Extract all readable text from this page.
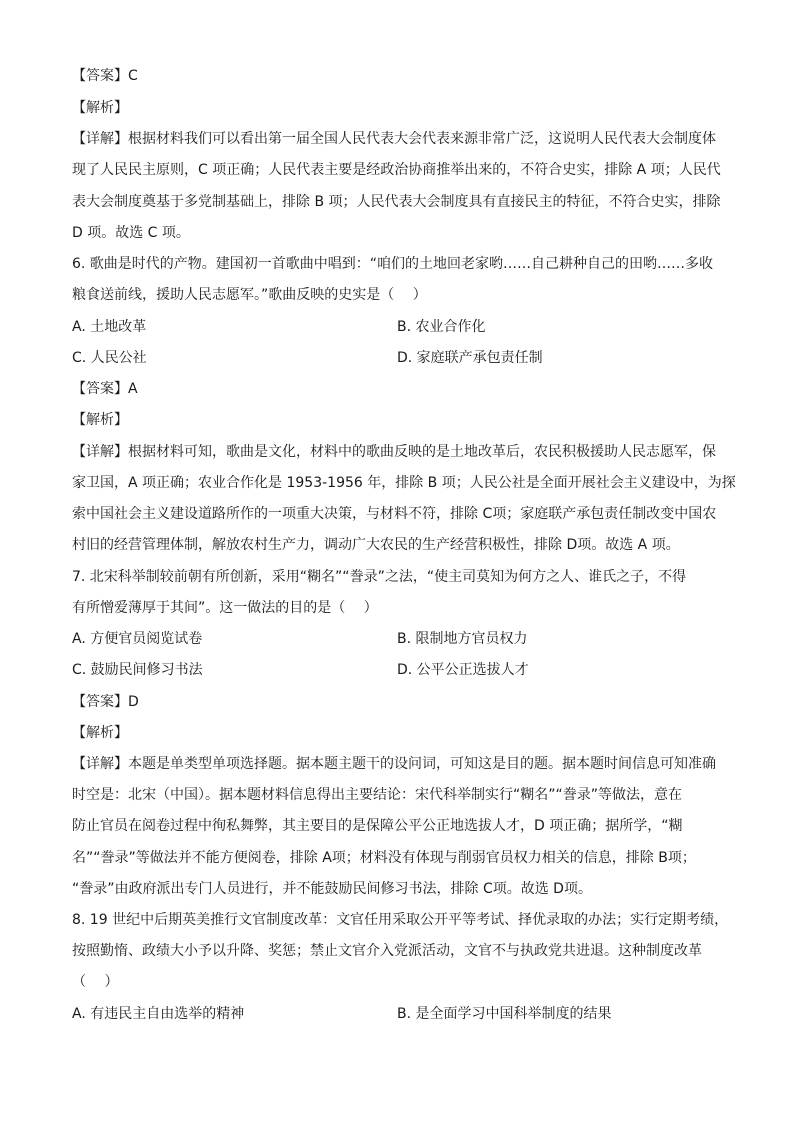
【答案】C
【解析】
【详解】根据材料我们可以看出第一届全国人民代表大会代表来源非常广泛，这说明人民代表大会制度体
现了人民民主原则，C 项正确；人民代表主要是经政治协商推举出来的，不符合史实，排除 A 项；人民代
表大会制度奠基于多党制基础上，排除 B 项；人民代表大会制度具有直接民主的特征，不符合史实，排除
D 项。故选 C 项。
6. 歌曲是时代的产物。建国初一首歌曲中唱到：“咱们的土地回老家哟……自己耕种自己的田哟……多收
粮食送前线，援助人民志愿军。”歌曲反映的史实是（　 ）
A. 土地改革	B. 农业合作化
C. 人民公社	D. 家庭联产承包责任制
【答案】A
【解析】
【详解】根据材料可知，歌曲是文化，材料中的歌曲反映的是土地改革后，农民积极援助人民志愿军，保
家卫国，A 项正确；农业合作化是 1953-1956 年，排除 B 项；人民公社是全面开展社会主义建设中，为探
索中国社会主义建设道路所作的一项重大决策，与材料不符，排除 C项；家庭联产承包责任制改变中国农
村旧的经营管理体制，解放农村生产力，调动广大农民的生产经营积极性，排除 D项。故选 A 项。
7. 北宋科举制较前朝有所创新，采用“糊名”“誊录”之法，“使主司莫知为何方之人、谁氏之子，不得
有所憎爱薄厚于其间”。这一做法的目的是（　 ）
A. 方便官员阅览试卷	B. 限制地方官员权力
C. 鼓励民间修习书法	D. 公平公正选拔人才
【答案】D
【解析】
【详解】本题是单类型单项选择题。据本题主题干的设问词，可知这是目的题。据本题时间信息可知准确
时空是：北宋（中国）。据本题材料信息得出主要结论：宋代科举制实行“糊名”“誊录”等做法，意在
防止官员在阅卷过程中徇私舞弊，其主要目的是保障公平公正地选拔人才，D 项正确；据所学，“糊
名”“誊录”等做法并不能方便阅卷，排除 A项；材料没有体现与削弱官员权力相关的信息，排除 B项；
“誊录”由政府派出专门人员进行，并不能鼓励民间修习书法，排除 C项。故选 D项。
8. 19 世纪中后期英美推行文官制度改革：文官任用采取公开平等考试、择优录取的办法；实行定期考绩，
按照勤惰、政绩大小予以升降、奖惩；禁止文官介入党派活动，文官不与执政党共进退。这种制度改革
（　 ）
A. 有违民主自由选举的精神	B. 是全面学习中国科举制度的结果
